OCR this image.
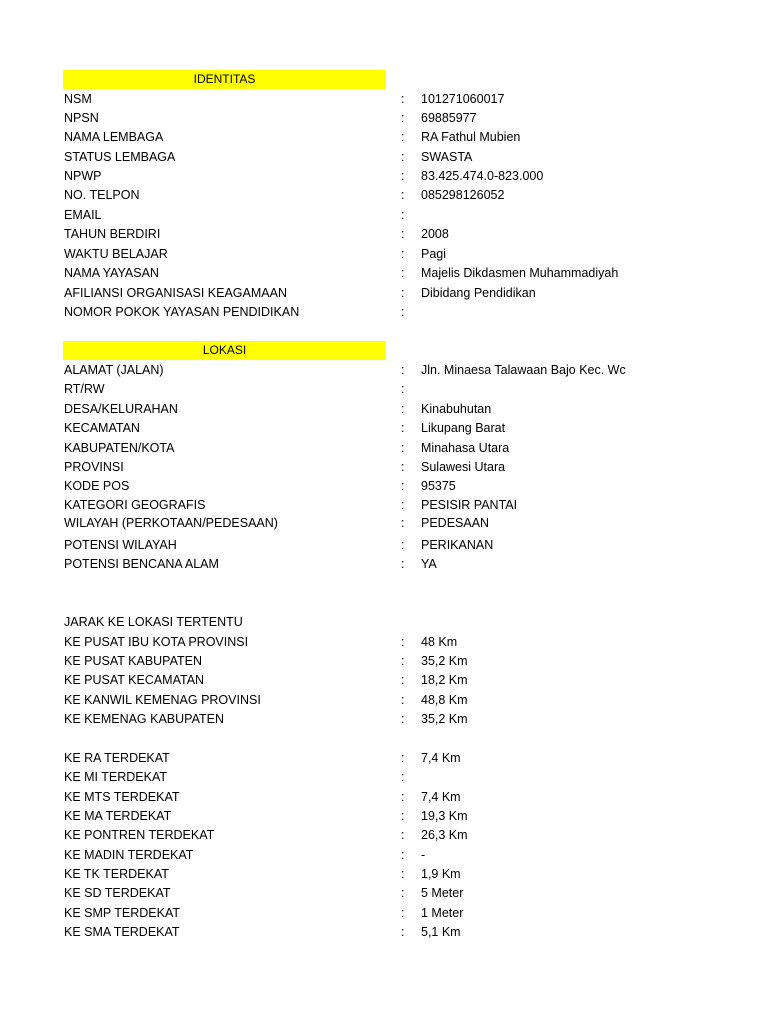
IDENTITAS
NSM	: 101271060017
NPSN	: 69885977
NAMA LEMBAGA	: RA Fathul Mubien
STATUS LEMBAGA	: SWASTA
NPWP	: 83.425.474.0-823.000
NO. TELPON	: 085298126052
EMAIL	:
TAHUN BERDIRI	: 2008
WAKTU BELAJAR	: Pagi
NAMA YAYASAN	: Majelis Dikdasmen Muhammadiyah
AFILIANSI ORGANISASI KEAGAMAAN	: Dibidang Pendidikan
NOMOR POKOK YAYASAN PENDIDIKAN	:
LOKASI
ALAMAT (JALAN)	: Jln. Minaesa Talawaan Bajo Kec. Wc
RT/RW	:
DESA/KELURAHAN	: Kinabuhutan
KECAMATAN	: Likupang Barat
KABUPATEN/KOTA	: Minahasa Utara
PROVINSI	: Sulawesi Utara
KODE POS	: 95375
KATEGORI GEOGRAFIS	: PESISIR PANTAI
WILAYAH (PERKOTAAN/PEDESAAN)	: PEDESAAN
POTENSI WILAYAH	: PERIKANAN
POTENSI BENCANA ALAM	: YA
JARAK KE LOKASI TERTENTU
KE PUSAT IBU KOTA PROVINSI	: 48 Km
KE PUSAT KABUPATEN	: 35,2 Km
KE PUSAT KECAMATAN	: 18,2 Km
KE KANWIL KEMENAG PROVINSI	: 48,8 Km
KE KEMENAG KABUPATEN	: 35,2 Km
KE RA TERDEKAT	: 7,4 Km
KE MI TERDEKAT	:
KE MTS TERDEKAT	: 7,4 Km
KE MA TERDEKAT	: 19,3 Km
KE PONTREN TERDEKAT	: 26,3 Km
KE MADIN TERDEKAT	: -
KE TK TERDEKAT	: 1,9 Km
KE SD TERDEKAT	: 5 Meter
KE SMP TERDEKAT	: 1 Meter
KE SMA TERDEKAT	: 5,1 Km
